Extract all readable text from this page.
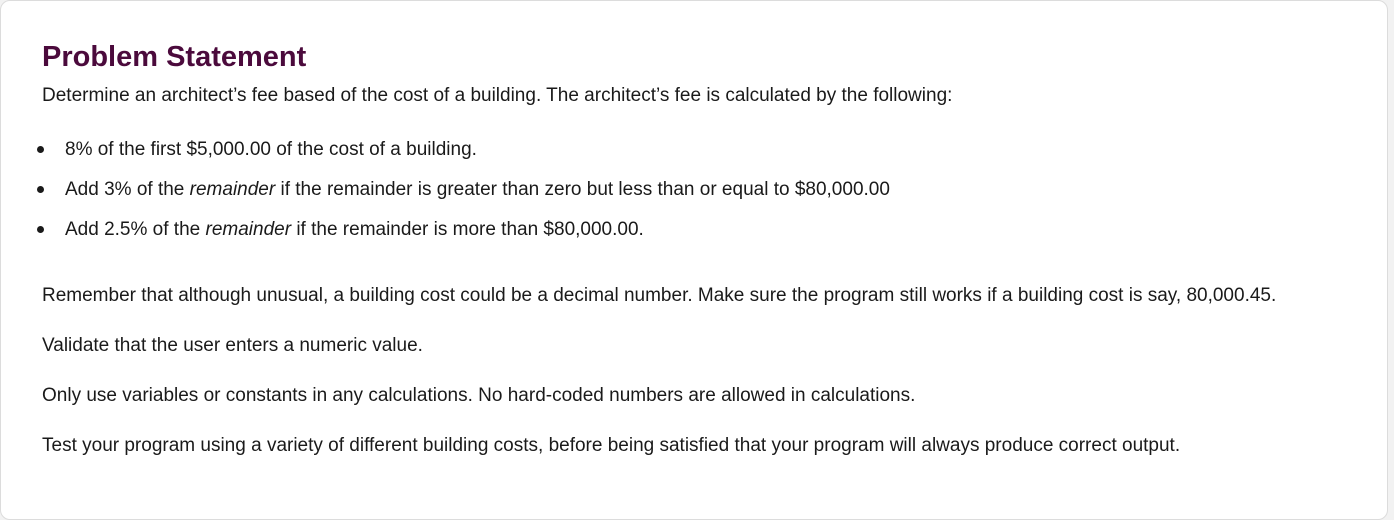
Problem Statement

Determine an architect’s fee based of the cost of a building. The architect’s fee is calculated by the following:

8% of the first $5,000.00 of the cost of a building.
Add 3% of the remainder if the remainder is greater than zero but less than or equal to $80,000.00
Add 2.5% of the remainder if the remainder is more than $80,000.00.

Remember that although unusual, a building cost could be a decimal number. Make sure the program still works if a building cost is say, 80,000.45.

Validate that the user enters a numeric value.

Only use variables or constants in any calculations. No hard-coded numbers are allowed in calculations.

Test your program using a variety of different building costs, before being satisfied that your program will always produce correct output.
